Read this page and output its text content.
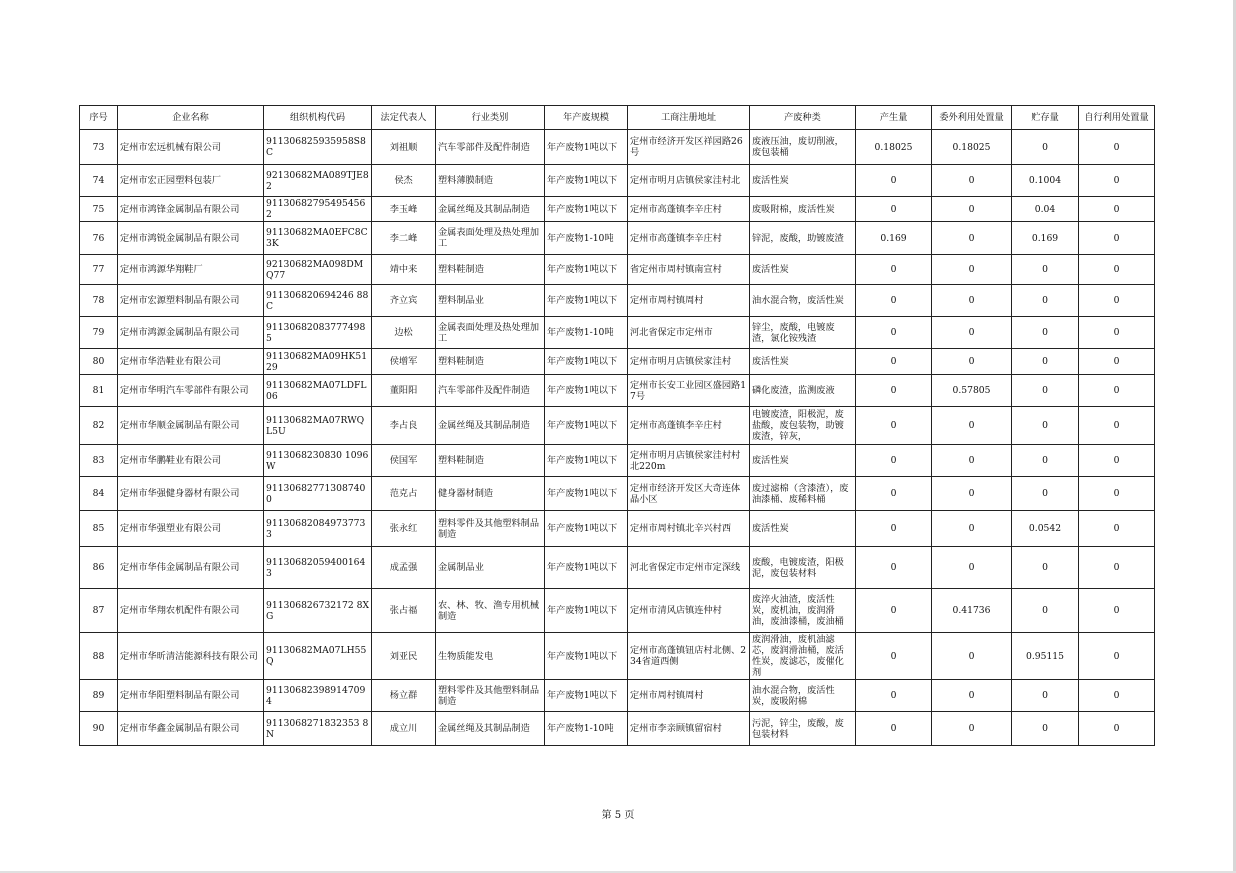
序号	企业名称	组织机构代码	法定代表人	行业类别	年产废规模	工商注册地址	产废种类	产生量	委外利用处置量	贮存量	自行利用处置量
73	定州市宏远机械有限公司	911306825935958S8C	刘祖顺	汽车零部件及配件制造	年产废物1吨以下	定州市经济开发区祥园路26号	废液压油，废切削液，废包装桶	0.18025	0.18025	0	0
74	定州市宏正园塑料包装厂	92130682MA089TJE82	侯杰	塑料薄膜制造	年产废物1吨以下	定州市明月店镇侯家洼村北	废活性炭	0	0	0.1004	0
75	定州市鸿锋金属制品有限公司	91130682795495456 2	李玉峰	金属丝绳及其制品制造	年产废物1吨以下	定州市高蓬镇李辛庄村	废吸附棉，废活性炭	0	0	0.04	0
76	定州市鸿锐金属制品有限公司	91130682MA0EFC8C3K	李二峰	金属表面处理及热处理加工	年产废物1-10吨	定州市高蓬镇李辛庄村	锌泥，废酸，助镀废渣	0.169	0	0.169	0
77	定州市鸿源华翔鞋厂	92130682MA098DMQ77	靖中来	塑料鞋制造	年产废物1吨以下	省定州市周村镇南宣村	废活性炭	0	0	0	0
78	定州市宏源塑料制品有限公司	911306820694246 88C	齐立宾	塑料制品业	年产废物1吨以下	定州市周村镇周村	油水混合物，废活性炭	0	0	0	0
79	定州市鸿源金属制品有限公司	911306820837774985	边松	金属表面处理及热处理加工	年产废物1-10吨	河北省保定市定州市	锌尘，废酸，电镀废渣，氯化铵残渣	0	0	0	0
80	定州市华浩鞋业有限公司	91130682MA09HK5129	侯增军	塑料鞋制造	年产废物1吨以下	定州市明月店镇侯家洼村	废活性炭	0	0	0	0
81	定州市华明汽车零部件有限公司	91130682MA07LDFL06	董阳阳	汽车零部件及配件制造	年产废物1吨以下	定州市长安工业园区盛园路17号	磷化废渣，监测废液	0	0.57805	0	0
82	定州市华顺金属制品有限公司	91130682MA07RWQL5U	李占良	金属丝绳及其制品制造	年产废物1吨以下	定州市高蓬镇李辛庄村	电镀废渣，阳极泥，废盐酸，废包装物，助镀废渣，锌灰，	0	0	0	0
83	定州市华鹏鞋业有限公司	9113068230830 1096W	侯国军	塑料鞋制造	年产废物1吨以下	定州市明月店镇侯家洼村村北220m	废活性炭	0	0	0	0
84	定州市华强健身器材有限公司	911306827713087400	范克占	健身器材制造	年产废物1吨以下	定州市经济开发区大奇连体晶小区	废过滤棉（含漆渣），废油漆桶、废稀料桶	0	0	0	0
85	定州市华强塑业有限公司	911306820849737733	张永红	塑料零件及其他塑料制品制造	年产废物1吨以下	定州市周村镇北辛兴村西	废活性炭	0	0	0.0542	0
86	定州市华伟金属制品有限公司	911306820594001643	成孟强	金属制品业	年产废物1吨以下	河北省保定市定州市定深线	废酸，电镀废渣，阳极泥，废包装材料	0	0	0	0
87	定州市华翔农机配件有限公司	911306826732172 8XG	张占福	农、林、牧、渔专用机械制造	年产废物1吨以下	定州市清风店镇连仲村	废淬火油渣，废活性炭，废机油，废润滑油，废油漆桶，废油桶	0	0.41736	0	0
88	定州市华昕清洁能源科技有限公司	91130682MA07LH55Q	刘亚民	生物质能发电	年产废物1吨以下	定州市高蓬镇钮店村北侧、234省道西侧	废润滑油，废机油滤芯，废润滑油桶，废活性炭，废滤芯，废催化剂	0	0	0.95115	0
89	定州市华阳塑料制品有限公司	911306823989147094	杨立群	塑料零件及其他塑料制品制造	年产废物1吨以下	定州市周村镇周村	油水混合物，废活性炭，废吸附棉	0	0	0	0
90	定州市华鑫金属制品有限公司	9113068271832353 8N	成立川	金属丝绳及其制品制造	年产废物1-10吨	定州市李亲顾镇留宿村	污泥，锌尘，废酸，废包装材料	0	0	0	0
第 5 页
